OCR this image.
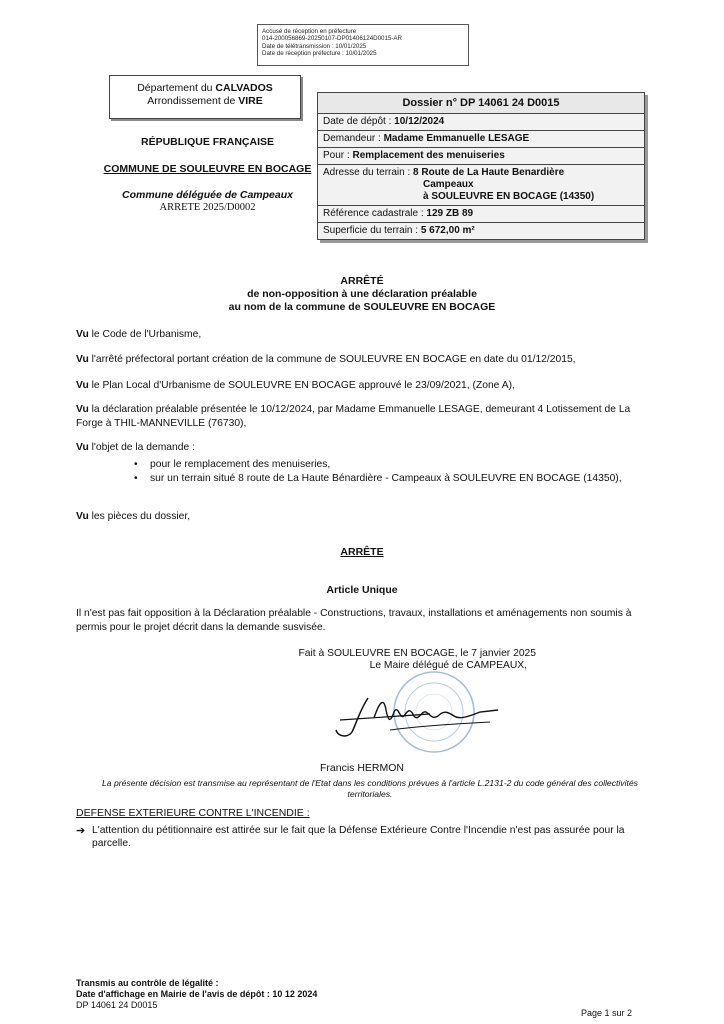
Accusé de réception en préfecture
014-200056869-20250107-DP01406124D0015-AR
Date de télétransmission : 10/01/2025
Date de réception préfecture : 10/01/2025
Département du CALVADOS
Arrondissement de VIRE
RÉPUBLIQUE FRANÇAISE
COMMUNE DE SOULEUVRE EN BOCAGE
Commune déléguée de Campeaux
ARRETE 2025/D0002
Dossier n° DP 14061 24 D0015
Date de dépôt : 10/12/2024
Demandeur : Madame Emmanuelle LESAGE
Pour : Remplacement des menuiseries
Adresse du terrain : 8 Route de La Haute Benardière
Campeaux
à SOULEUVRE EN BOCAGE (14350)
Référence cadastrale : 129 ZB 89
Superficie du terrain : 5 672,00 m²
ARRÊTÉ
de non-opposition à une déclaration préalable
au nom de la commune de SOULEUVRE EN BOCAGE
Vu le Code de l'Urbanisme,
Vu l'arrêté préfectoral portant création de la commune de SOULEUVRE EN BOCAGE en date du 01/12/2015,
Vu le Plan Local d'Urbanisme de SOULEUVRE EN BOCAGE approuvé le 23/09/2021, (Zone A),
Vu la déclaration préalable présentée le 10/12/2024, par Madame Emmanuelle LESAGE, demeurant 4 Lotissement de La Forge à THIL-MANNEVILLE (76730),
Vu l'objet de la demande :
• pour le remplacement des menuiseries,
• sur un terrain situé 8 route de La Haute Bénardière - Campeaux à SOULEUVRE EN BOCAGE (14350),
Vu les pièces du dossier,
ARRÊTE
Article Unique
Il n'est pas fait opposition à la Déclaration préalable - Constructions, travaux, installations et aménagements non soumis à permis pour le projet décrit dans la demande susvisée.
Fait à SOULEUVRE EN BOCAGE, le 7 janvier 2025
Le Maire délégué de CAMPEAUX,
Francis HERMON
La présente décision est transmise au représentant de l'Etat dans les conditions prévues à l'article L.2131-2 du code général des collectivités territoriales.
DEFENSE EXTERIEURE CONTRE L'INCENDIE :
➔ L'attention du pétitionnaire est attirée sur le fait que la Défense Extérieure Contre l'Incendie n'est pas assurée pour la parcelle.
Transmis au contrôle de légalité :
Date d'affichage en Mairie de l'avis de dépôt : 10 12 2024
DP 14061 24 D0015
Page 1 sur 2
